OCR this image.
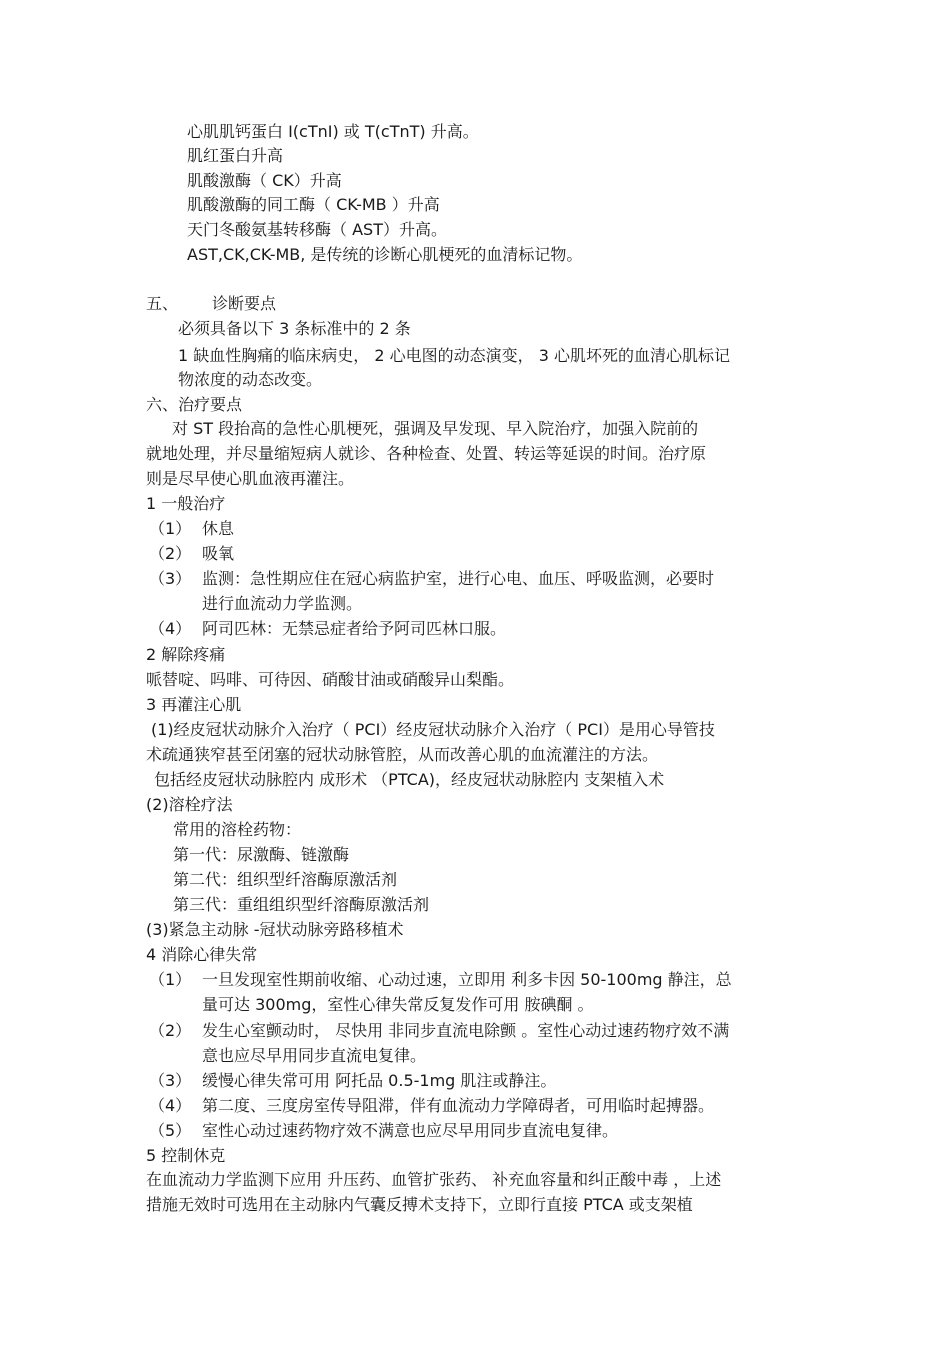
心肌肌钙蛋白 I(cTnI) 或 T(cTnT) 升高。
肌红蛋白升高
肌酸激酶（ CK）升高
肌酸激酶的同工酶（ CK-MB ）升高
天门冬酸氨基转移酶（ AST）升高。
AST,CK,CK-MB, 是传统的诊断心肌梗死的血清标记物。
五、 诊断要点
必须具备以下 3 条标准中的 2 条
1 缺血性胸痛的临床病史， 2 心电图的动态演变， 3 心肌坏死的血清心肌标记
物浓度的动态改变。
六、治疗要点
对 ST 段抬高的急性心肌梗死，强调及早发现、早入院治疗，加强入院前的
就地处理，并尽量缩短病人就诊、各种检查、处置、转运等延误的时间。治疗原
则是尽早使心肌血液再灌注。
1 一般治疗
（1） 休息
（2） 吸氧
（3） 监测：急性期应住在冠心病监护室，进行心电、血压、呼吸监测，必要时
进行血流动力学监测。
（4） 阿司匹林：无禁忌症者给予阿司匹林口服。
2 解除疼痛
哌替啶、吗啡、可待因、硝酸甘油或硝酸异山梨酯。
3 再灌注心肌
(1)经皮冠状动脉介入治疗（ PCI）经皮冠状动脉介入治疗（ PCI）是用心导管技
术疏通狭窄甚至闭塞的冠状动脉管腔，从而改善心肌的血流灌注的方法。
包括经皮冠状动脉腔内 成形术 （PTCA)，经皮冠状动脉腔内 支架植入术
(2)溶栓疗法
常用的溶栓药物：
第一代：尿激酶、链激酶
第二代：组织型纤溶酶原激活剂
第三代：重组组织型纤溶酶原激活剂
(3)紧急主动脉 -冠状动脉旁路移植术
4 消除心律失常
（1） 一旦发现室性期前收缩、心动过速，立即用 利多卡因 50-100mg 静注，总
量可达 300mg，室性心律失常反复发作可用 胺碘酮 。
（2） 发生心室颤动时， 尽快用 非同步直流电除颤 。室性心动过速药物疗效不满
意也应尽早用同步直流电复律。
（3） 缓慢心律失常可用 阿托品 0.5-1mg 肌注或静注。
（4） 第二度、三度房室传导阻滞，伴有血流动力学障碍者，可用临时起搏器。
（5） 室性心动过速药物疗效不满意也应尽早用同步直流电复律。
5 控制休克
在血流动力学监测下应用 升压药、血管扩张药、 补充血容量和纠正酸中毒 ，上述
措施无效时可选用在主动脉内气囊反搏术支持下，立即行直接 PTCA 或支架植
